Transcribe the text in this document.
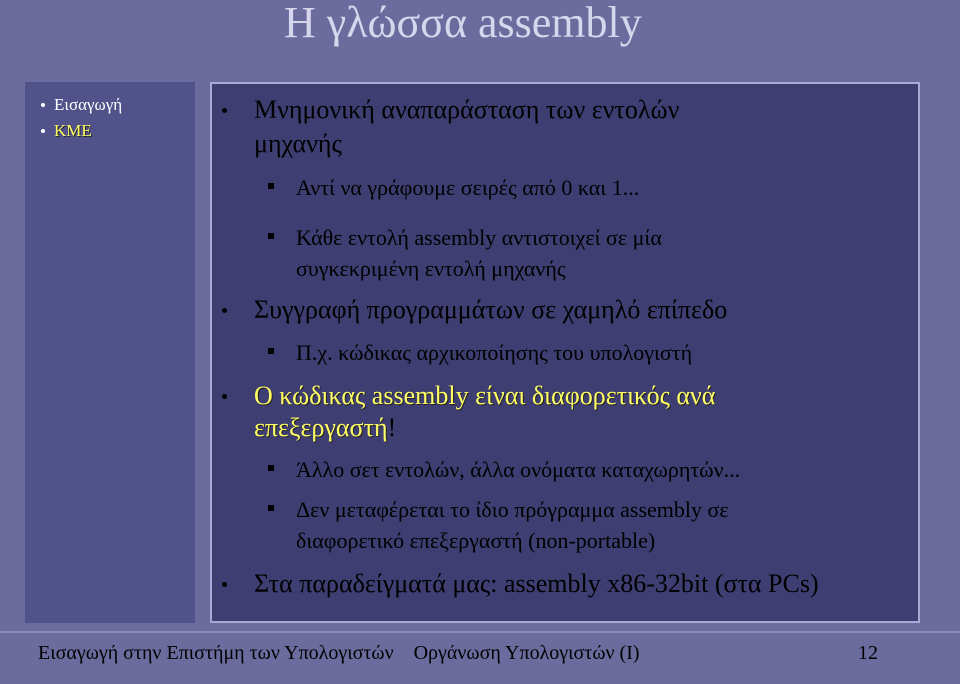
Η γλώσσα assembly
Εισαγωγή
ΚΜΕ
Μνημονική αναπαράσταση των εντολών
μηχανής
Αντί να γράφουμε σειρές από 0 και 1...
Κάθε εντολή assembly αντιστοιχεί σε μία
συγκεκριμένη εντολή μηχανής
Συγγραφή προγραμμάτων σε χαμηλό επίπεδο
Π.χ. κώδικας αρχικοποίησης του υπολογιστή
Ο κώδικας assembly είναι διαφορετικός ανά
επεξεργαστή!
Άλλο σετ εντολών, άλλα ονόματα καταχωρητών...
Δεν μεταφέρεται το ίδιο πρόγραμμα assembly σε
διαφορετικό επεξεργαστή (non-portable)
Στα παραδείγματά μας: assembly x86-32bit (στα PCs)
Εισαγωγή στην Επιστήμη των Υπολογιστών    Οργάνωση Υπολογιστών (Ι)	12
